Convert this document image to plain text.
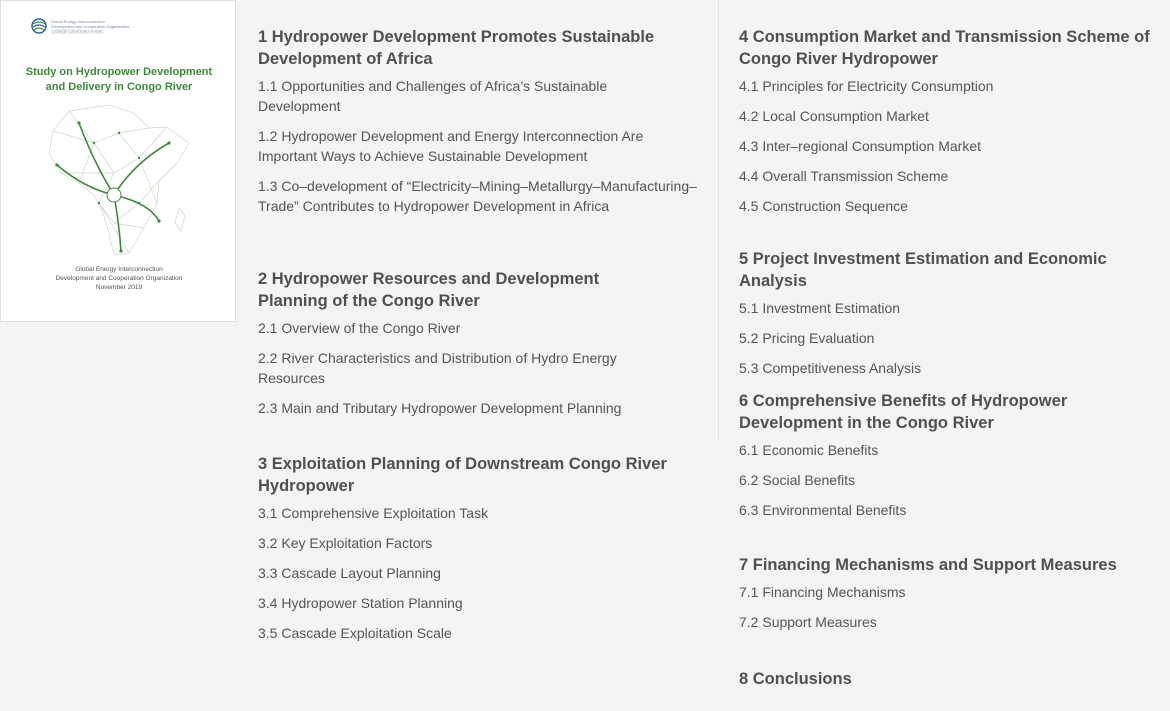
Global Energy Interconnection
Development and Cooperation Organization
全球能源互联网发展合作组织
Study on Hydropower Development
and Delivery in Congo River
Global Energy Interconnection
Development and Cooperation Organization
November 2019
1 Hydropower Development Promotes Sustainable Development of Africa
1.1 Opportunities and Challenges of Africa’s Sustainable Development
1.2 Hydropower Development and Energy Interconnection Are Important Ways to Achieve Sustainable Development
1.3 Co–development of “Electricity–Mining–Metallurgy–Manufacturing–Trade” Contributes to Hydropower Development in Africa
2 Hydropower Resources and Development Planning of the Congo River
2.1 Overview of the Congo River
2.2 River Characteristics and Distribution of Hydro Energy Resources
2.3 Main and Tributary Hydropower Development Planning
3 Exploitation Planning of Downstream Congo River Hydropower
3.1 Comprehensive Exploitation Task
3.2 Key Exploitation Factors
3.3 Cascade Layout Planning
3.4 Hydropower Station Planning
3.5 Cascade Exploitation Scale
4 Consumption Market and Transmission Scheme of Congo River Hydropower
4.1 Principles for Electricity Consumption
4.2 Local Consumption Market
4.3 Inter–regional Consumption Market
4.4 Overall Transmission Scheme
4.5 Construction Sequence
5 Project Investment Estimation and Economic Analysis
5.1 Investment Estimation
5.2 Pricing Evaluation
5.3 Competitiveness Analysis
6 Comprehensive Benefits of Hydropower Development in the Congo River
6.1 Economic Benefits
6.2 Social Benefits
6.3 Environmental Benefits
7 Financing Mechanisms and Support Measures
7.1 Financing Mechanisms
7.2 Support Measures
8 Conclusions
